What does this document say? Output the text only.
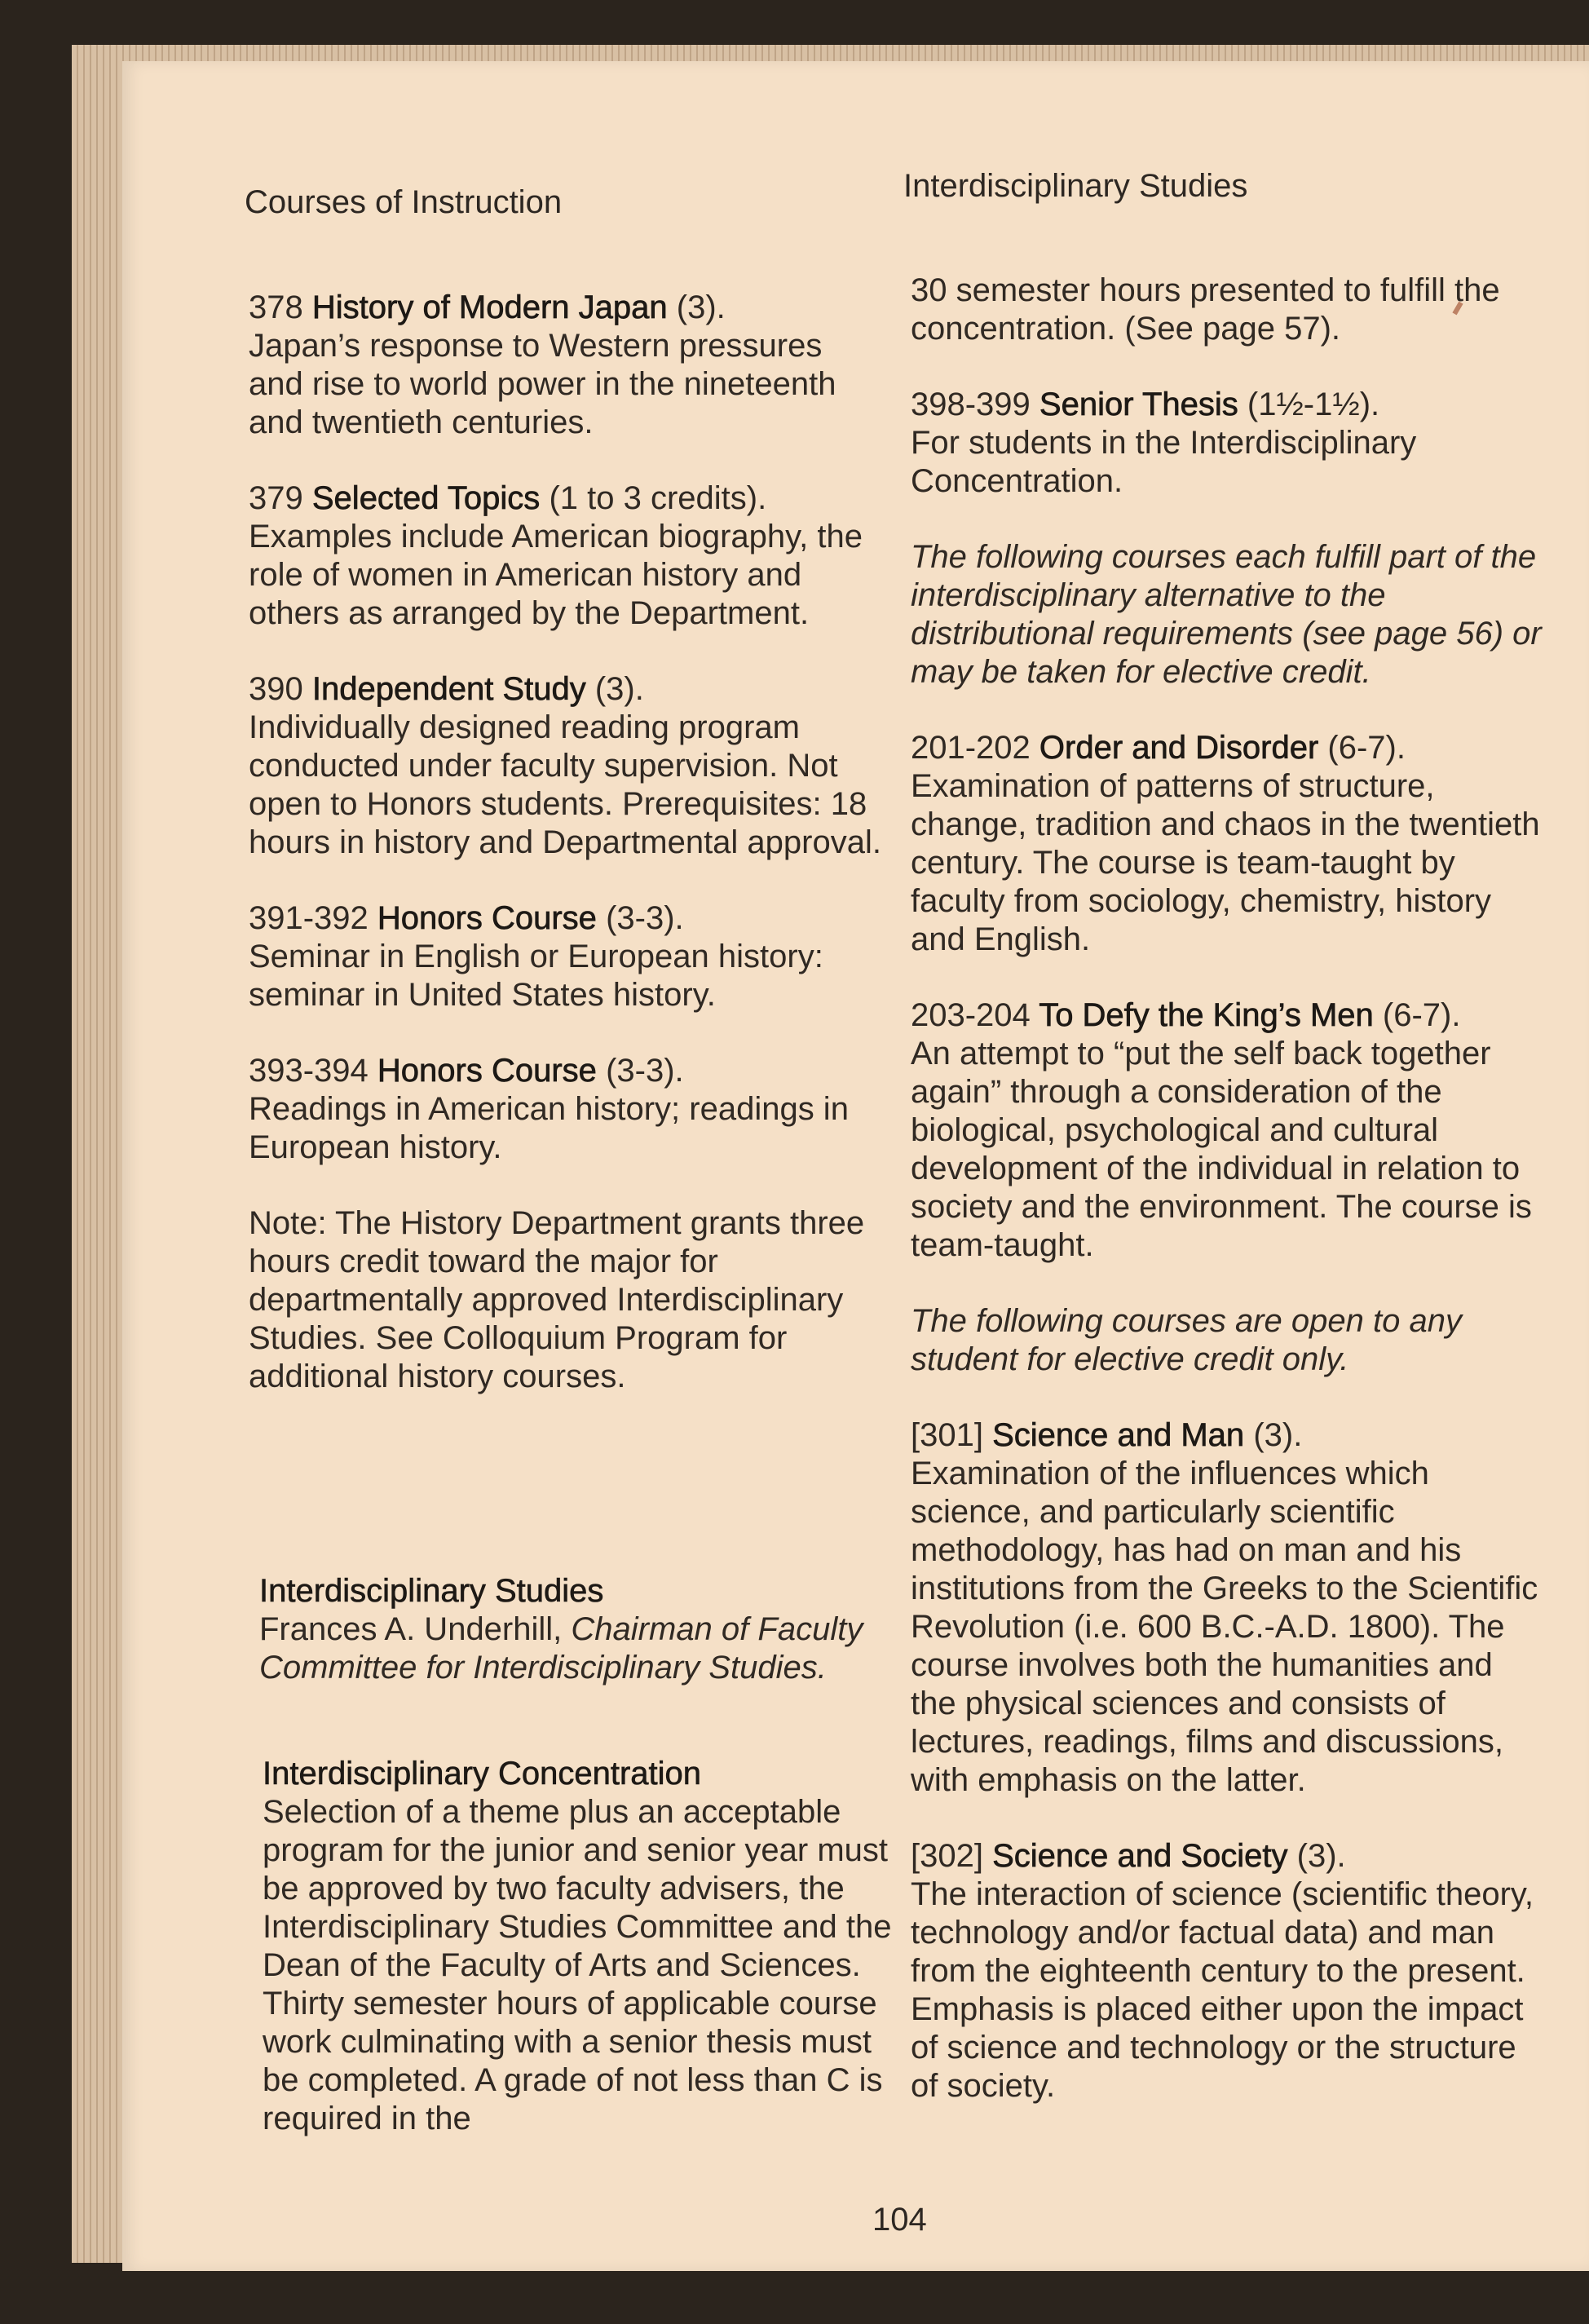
Courses of Instruction	Interdisciplinary Studies
378 History of Modern Japan (3).
Japan’s response to Western pressures and rise to world power in the nineteenth and twentieth centuries.
379 Selected Topics (1 to 3 credits).
Examples include American biography, the role of women in American history and others as arranged by the Department.
390 Independent Study (3).
Individually designed reading program conducted under faculty supervision. Not open to Honors students. Prerequisites: 18 hours in history and Departmental approval.
391-392 Honors Course (3-3).
Seminar in English or European history: seminar in United States history.
393-394 Honors Course (3-3).
Readings in American history; readings in European history.
Note: The History Department grants three hours credit toward the major for departmentally approved Interdisciplinary Studies. See Colloquium Program for additional history courses.
Interdisciplinary Studies
Frances A. Underhill, Chairman of Faculty Committee for Interdisciplinary Studies.
Interdisciplinary Concentration
Selection of a theme plus an acceptable program for the junior and senior year must be approved by two faculty advisers, the Interdisciplinary Studies Committee and the Dean of the Faculty of Arts and Sciences. Thirty semester hours of applicable course work culminating with a senior thesis must be completed. A grade of not less than C is required in the
30 semester hours presented to fulfill the concentration. (See page 57).
398-399 Senior Thesis (1½-1½).
For students in the Interdisciplinary Concentration.
The following courses each fulfill part of the interdisciplinary alternative to the distributional requirements (see page 56) or may be taken for elective credit.
201-202 Order and Disorder (6-7).
Examination of patterns of structure, change, tradition and chaos in the twentieth century. The course is team-taught by faculty from sociology, chemistry, history and English.
203-204 To Defy the King’s Men (6-7).
An attempt to “put the self back together again” through a consideration of the biological, psychological and cultural development of the individual in relation to society and the environment. The course is team-taught.
The following courses are open to any student for elective credit only.
[301] Science and Man (3).
Examination of the influences which science, and particularly scientific methodology, has had on man and his institutions from the Greeks to the Scientific Revolution (i.e. 600 B.C.-A.D. 1800). The course involves both the humanities and the physical sciences and consists of lectures, readings, films and discussions, with emphasis on the latter.
[302] Science and Society (3).
The interaction of science (scientific theory, technology and/or factual data) and man from the eighteenth century to the present. Emphasis is placed either upon the impact of science and technology or the structure of society.
104
